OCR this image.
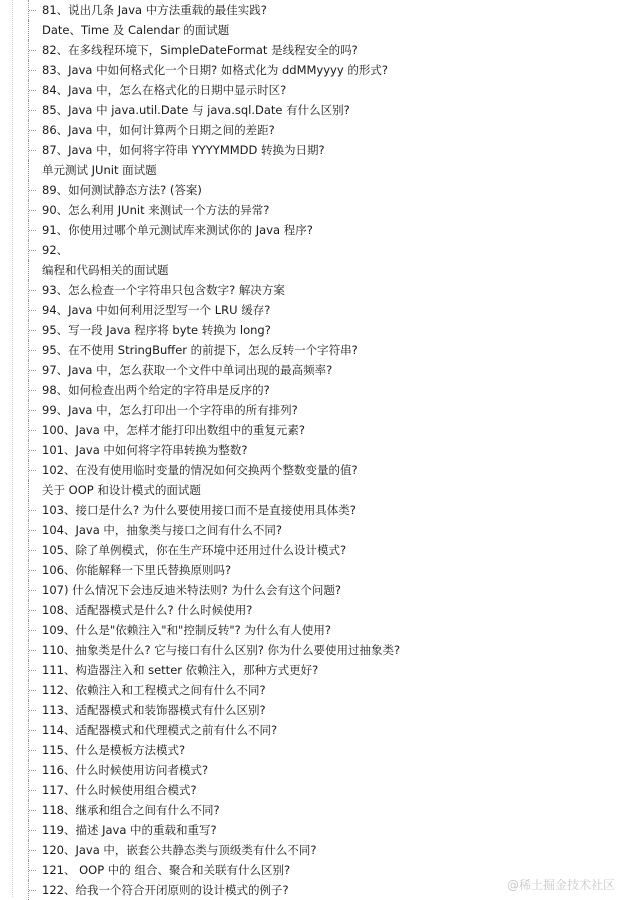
81、说出几条 Java 中方法重载的最佳实践?
Date、Time 及 Calendar 的面试题
82、在多线程环境下，SimpleDateFormat 是线程安全的吗?
83、Java 中如何格式化一个日期? 如格式化为 ddMMyyyy 的形式?
84、Java 中，怎么在格式化的日期中显示时区?
85、Java 中 java.util.Date 与 java.sql.Date 有什么区别?
86、Java 中，如何计算两个日期之间的差距?
87、Java 中，如何将字符串 YYYYMMDD 转换为日期?
单元测试 JUnit 面试题
89、如何测试静态方法? (答案)
90、怎么利用 JUnit 来测试一个方法的异常?
91、你使用过哪个单元测试库来测试你的 Java 程序?
92、
编程和代码相关的面试题
93、怎么检查一个字符串只包含数字? 解决方案
94、Java 中如何利用泛型写一个 LRU 缓存?
95、写一段 Java 程序将 byte 转换为 long?
95、在不使用 StringBuffer 的前提下，怎么反转一个字符串?
97、Java 中，怎么获取一个文件中单词出现的最高频率?
98、如何检查出两个给定的字符串是反序的?
99、Java 中，怎么打印出一个字符串的所有排列?
100、Java 中，怎样才能打印出数组中的重复元素?
101、Java 中如何将字符串转换为整数?
102、在没有使用临时变量的情况如何交换两个整数变量的值?
关于 OOP 和设计模式的面试题
103、接口是什么? 为什么要使用接口而不是直接使用具体类?
104、Java 中，抽象类与接口之间有什么不同?
105、除了单例模式，你在生产环境中还用过什么设计模式?
106、你能解释一下里氏替换原则吗?
107) 什么情况下会违反迪米特法则? 为什么会有这个问题?
108、适配器模式是什么? 什么时候使用?
109、什么是"依赖注入"和"控制反转"? 为什么有人使用?
110、抽象类是什么? 它与接口有什么区别? 你为什么要使用过抽象类?
111、构造器注入和 setter 依赖注入，那种方式更好?
112、依赖注入和工程模式之间有什么不同?
113、适配器模式和装饰器模式有什么区别?
114、适配器模式和代理模式之前有什么不同?
115、什么是模板方法模式?
116、什么时候使用访问者模式?
117、什么时候使用组合模式?
118、继承和组合之间有什么不同?
119、描述 Java 中的重载和重写?
120、Java 中，嵌套公共静态类与顶级类有什么不同?
121、 OOP 中的 组合、聚合和关联有什么区别?
122、给我一个符合开闭原则的设计模式的例子?	@稀土掘金技术社区
